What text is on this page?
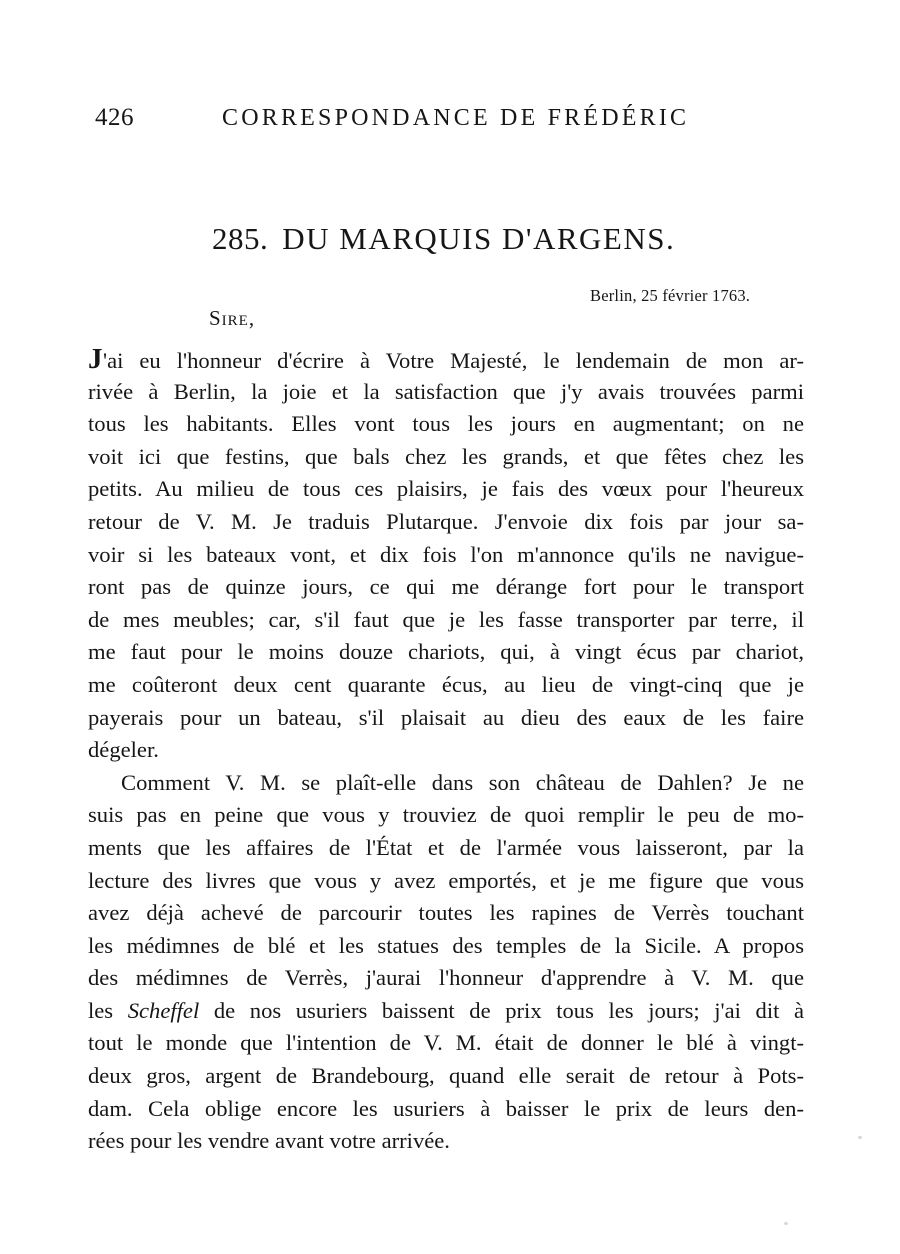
426	CORRESPONDANCE DE FRÉDÉRIC
285. DU MARQUIS D'ARGENS.
Berlin, 25 février 1763.
Sire,
J'ai eu l'honneur d'écrire à Votre Majesté, le lendemain de mon ar-
rivée à Berlin, la joie et la satisfaction que j'y avais trouvées parmi
tous les habitants. Elles vont tous les jours en augmentant; on ne
voit ici que festins, que bals chez les grands, et que fêtes chez les
petits. Au milieu de tous ces plaisirs, je fais des vœux pour l'heureux
retour de V. M. Je traduis Plutarque. J'envoie dix fois par jour sa-
voir si les bateaux vont, et dix fois l'on m'annonce qu'ils ne navigue-
ront pas de quinze jours, ce qui me dérange fort pour le transport
de mes meubles; car, s'il faut que je les fasse transporter par terre, il
me faut pour le moins douze chariots, qui, à vingt écus par chariot,
me coûteront deux cent quarante écus, au lieu de vingt-cinq que je
payerais pour un bateau, s'il plaisait au dieu des eaux de les faire
dégeler.
Comment V. M. se plaît-elle dans son château de Dahlen? Je ne
suis pas en peine que vous y trouviez de quoi remplir le peu de mo-
ments que les affaires de l'État et de l'armée vous laisseront, par la
lecture des livres que vous y avez emportés, et je me figure que vous
avez déjà achevé de parcourir toutes les rapines de Verrès touchant
les médimnes de blé et les statues des temples de la Sicile. A propos
des médimnes de Verrès, j'aurai l'honneur d'apprendre à V. M. que
les Scheffel de nos usuriers baissent de prix tous les jours; j'ai dit à
tout le monde que l'intention de V. M. était de donner le blé à vingt-
deux gros, argent de Brandebourg, quand elle serait de retour à Pots-
dam. Cela oblige encore les usuriers à baisser le prix de leurs den-
rées pour les vendre avant votre arrivée.
